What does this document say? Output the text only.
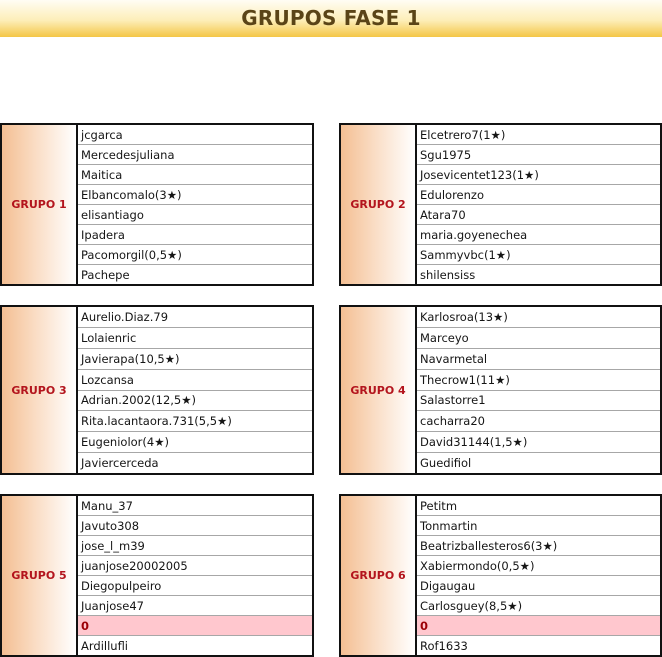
GRUPOS FASE 1
GRUPO 1
jcgarca
Mercedesjuliana
Maitica
Elbancomalo(3★)
elisantiago
Ipadera
Pacomorgil(0,5★)
Pachepe
GRUPO 2
Elcetrero7(1★)
Sgu1975
Josevicentet123(1★)
Edulorenzo
Atara70
maria.goyenechea
Sammyvbc(1★)
shilensiss
GRUPO 3
Aurelio.Diaz.79
Lolaienric
Javierapa(10,5★)
Lozcansa
Adrian.2002(12,5★)
Rita.lacantaora.731(5,5★)
Eugeniolor(4★)
Javiercerceda
GRUPO 4
Karlosroa(13★)
Marceyo
Navarmetal
Thecrow1(11★)
Salastorre1
cacharra20
David31144(1,5★)
Guedifiol
GRUPO 5
Manu_37
Javuto308
jose_l_m39
juanjose20002005
Diegopulpeiro
Juanjose47
0
Ardillufli
GRUPO 6
Petitm
Tonmartin
Beatrizballesteros6(3★)
Xabiermondo(0,5★)
Digaugau
Carlosguey(8,5★)
0
Rof1633
